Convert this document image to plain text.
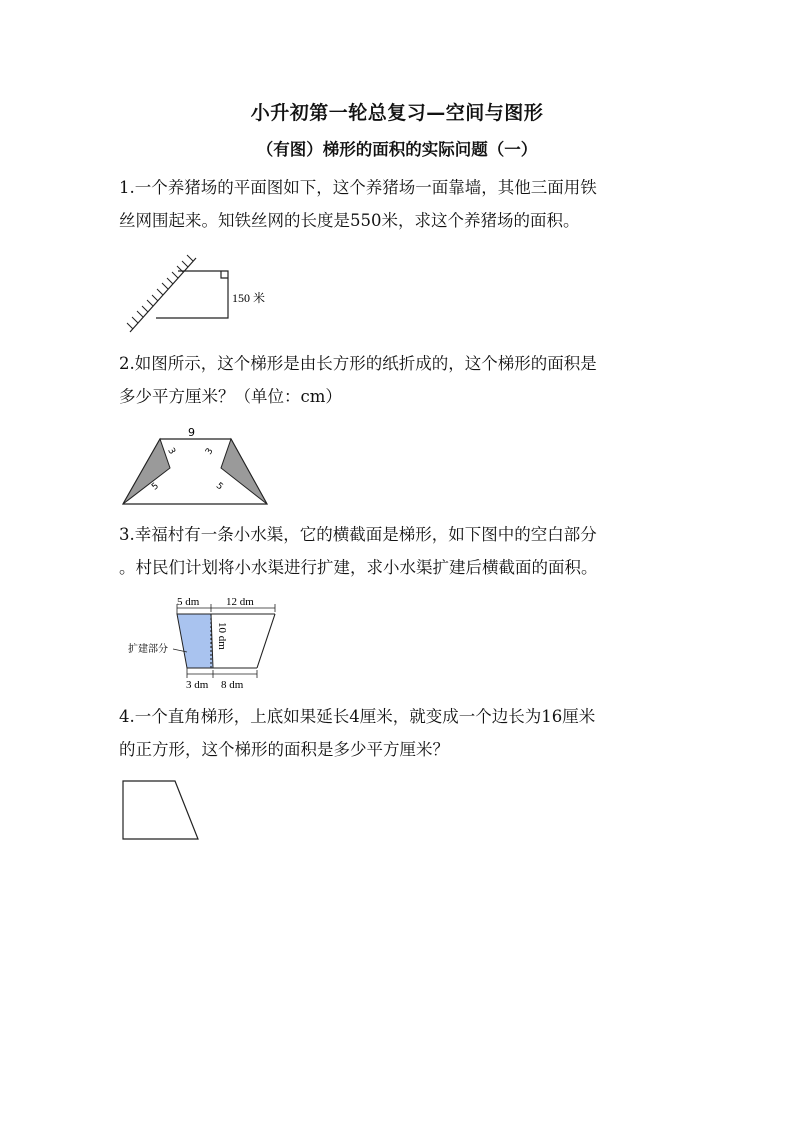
小升初第一轮总复习—空间与图形
（有图）梯形的面积的实际问题（一）

1.一个养猪场的平面图如下，这个养猪场一面靠墙，其他三面用铁

丝网围起来。知铁丝网的长度是550米，求这个养猪场的面积。

150 米

2.如图所示，这个梯形是由长方形的纸折成的，这个梯形的面积是

多少平方厘米？（单位：cm）

9
3	3
5	5

3.幸福村有一条小水渠，它的横截面是梯形，如下图中的空白部分

。村民们计划将小水渠进行扩建，求小水渠扩建后横截面的面积。

5 dm 12 dm
10 dm
3 dm 8 dm
扩建部分

4.一个直角梯形，上底如果延长4厘米，就变成一个边长为16厘米

的正方形，这个梯形的面积是多少平方厘米？
